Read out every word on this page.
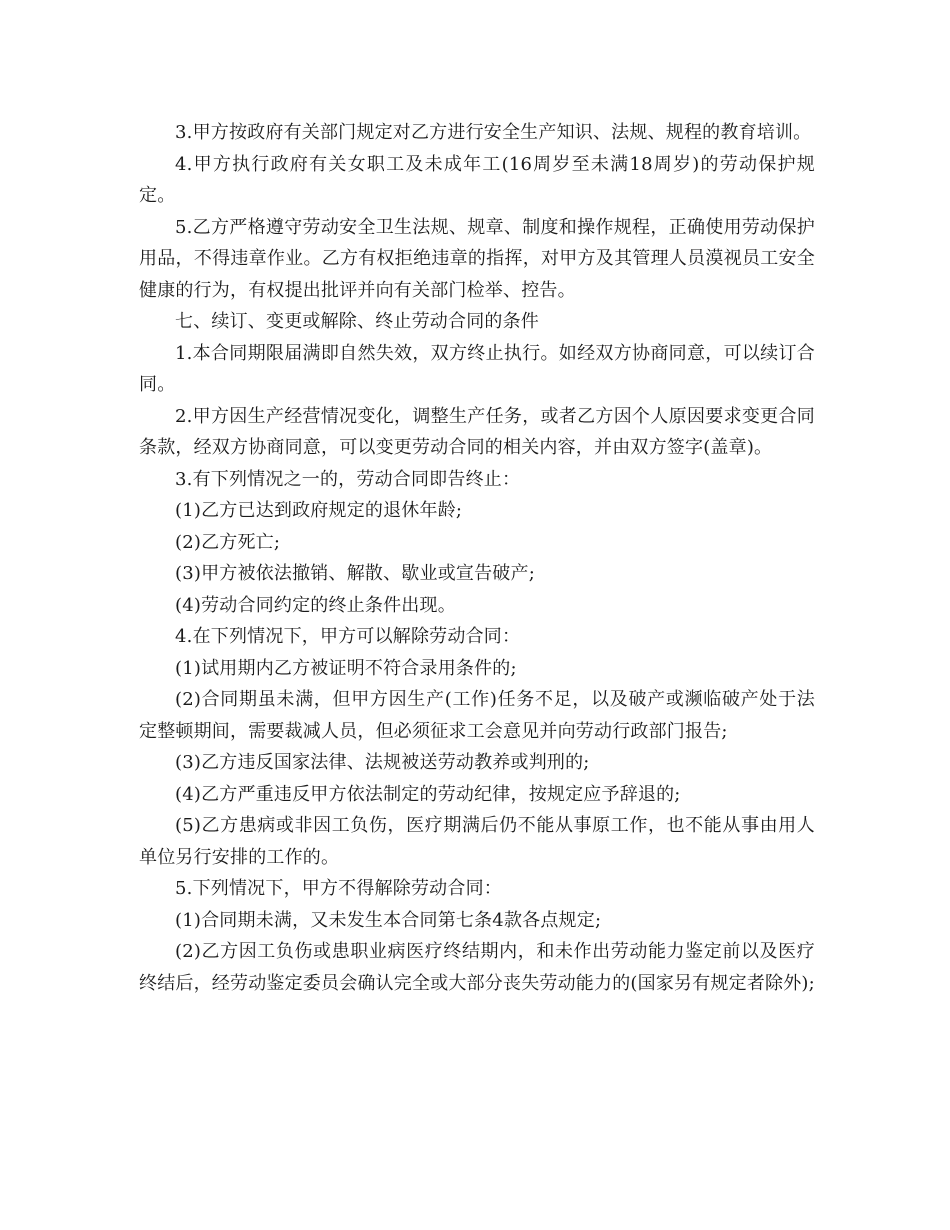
3.甲方按政府有关部门规定对乙方进行安全生产知识、法规、规程的教育培训。

4.甲方执行政府有关女职工及未成年工(16周岁至未满18周岁)的劳动保护规定。

5.乙方严格遵守劳动安全卫生法规、规章、制度和操作规程，正确使用劳动保护用品，不得违章作业。乙方有权拒绝违章的指挥，对甲方及其管理人员漠视员工安全健康的行为，有权提出批评并向有关部门检举、控告。

七、续订、变更或解除、终止劳动合同的条件

1.本合同期限届满即自然失效，双方终止执行。如经双方协商同意，可以续订合同。

2.甲方因生产经营情况变化，调整生产任务，或者乙方因个人原因要求变更合同条款，经双方协商同意，可以变更劳动合同的相关内容，并由双方签字(盖章)。

3.有下列情况之一的，劳动合同即告终止：

(1)乙方已达到政府规定的退休年龄;

(2)乙方死亡;

(3)甲方被依法撤销、解散、歇业或宣告破产;

(4)劳动合同约定的终止条件出现。

4.在下列情况下，甲方可以解除劳动合同：

(1)试用期内乙方被证明不符合录用条件的;

(2)合同期虽未满，但甲方因生产(工作)任务不足，以及破产或濒临破产处于法定整顿期间，需要裁减人员，但必须征求工会意见并向劳动行政部门报告;

(3)乙方违反国家法律、法规被送劳动教养或判刑的;

(4)乙方严重违反甲方依法制定的劳动纪律，按规定应予辞退的;

(5)乙方患病或非因工负伤，医疗期满后仍不能从事原工作，也不能从事由用人单位另行安排的工作的。

5.下列情况下，甲方不得解除劳动合同：

(1)合同期未满，又未发生本合同第七条4款各点规定;

(2)乙方因工负伤或患职业病医疗终结期内，和未作出劳动能力鉴定前以及医疗终结后，经劳动鉴定委员会确认完全或大部分丧失劳动能力的(国家另有规定者除外);
